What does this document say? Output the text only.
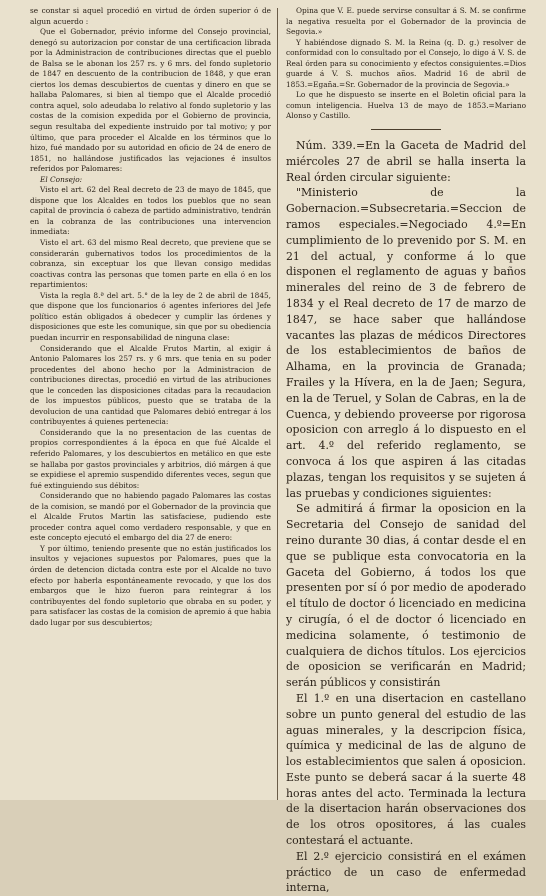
se constar si aquel procedió en virtud de órden superior ó de algun acuerdo :

Que el Gobernador, prévio informe del Consejo provincial, denegó su autorizacion por constar de una certificacion librada por la Administracion de contribuciones directas que el pueblo de Balsa se le abonan los 257 rs. y 6 mrs. del fondo supletorio de 1847 en descuento de la contribucion de 1848, y que eran ciertos los demas descubiertos de cuentas y dinero en que se hallaba Palomares, si bien al tiempo que el Alcalde procedió contra aquel, solo adeudaba lo relativo al fondo supletorio y las costas de la comision expedida por el Gobierno de provincia, segun resultaba del expediente instruido por tal motivo; y por último, que para proceder el Alcalde en los términos que lo hizo, fué mandado por su autoridad en oficio de 24 de enero de 1851, no hallándose justificados las vejaciones é insultos referidos por Palomares:

El Consejo:

Visto el art. 62 del Real decreto de 23 de mayo de 1845, que dispone que los Alcaldes en todos los pueblos que no sean capital de provincia ó cabeza de partido administrativo, tendrán en la cobranza de las contribuciones una intervencion inmediata:

Visto el art. 63 del mismo Real decreto, que previene que se considerarán gubernativos todos los procedimientos de la cobranza, sin exceptuar los que llevan consigo medidas coactivas contra las personas que tomen parte en ella ó en los repartimientos:

Vista la regla 8.ª del art. 5.° de la ley de 2 de abril de 1845, que dispone que los funcionarios ó agentes inferiores del Jefe político están obligados á obedecer y cumplir las órdenes y disposiciones que este les comunique, sin que por su obediencia puedan incurrir en responsabilidad de ninguna clase:

Considerando que el Alcalde Frutos Martin, al exigir á Antonio Palomares los 257 rs. y 6 mrs. que tenia en su poder procedentes del abono hecho por la Administracion de contribuciones directas, procedió en virtud de las atribuciones que le conceden las disposiciones citadas para la recaudacion de los impuestos públicos, puesto que se trataba de la devolucion de una cantidad que Palomares debió entregar á los contribuyentes á quienes pertenecia:

Considerando que la no presentacion de las cuentas de propios correspondientes á la época en que fué Alcalde el referido Palomares, y los descubiertos en metálico en que este se hallaba por gastos provinciales y arbitrios, dió márgen á que se expidiese el apremio suspendido diferentes veces, segun que fué extinguiendo sus débitos:

Considerando que no habiendo pagado Palomares las costas de la comision, se mandó por el Gobernador de la provincia que el Alcalde Frutos Martin las satisfaciese, pudiendo este proceder contra aquel como verdadero responsable, y que en este concepto ejecutó el embargo del dia 27 de enero:

Y por último, teniendo presente que no están justificados los insultos y vejaciones supuestos por Palomares, pues que la órden de detencion dictada contra este por el Alcalde no tuvo efecto por haberla espontáneamente revocado, y que los dos embargos que le hizo fueron para reintegrar á los contribuyentes del fondo supletorio que obraba en su poder, y para satisfacer las costas de la comision de apremio á que habia dado lugar por sus descubiertos;

Opina que V. E. puede servirse consultar á S. M. se confirme la negativa resuelta por el Gobernador de la provincia de Segovia.»

Y habiéndose dignado S. M. la Reina (q. D. g.) resolver de conformidad con lo consultado por el Consejo, lo digo á V. S. de Real órden para su conocimiento y efectos consiguientes.=Dios guarde á V. S. muchos años. Madrid 16 de abril de 1853.=Egaña.=Sr. Gobernador de la provincia de Segovia.»

Lo que he dispuesto se inserte en el Boletin oficial para la comun inteligencia. Huelva 13 de mayo de 1853.=Mariano Alonso y Castillo.

Núm. 339.=En la Gaceta de Madrid del miércoles 27 de abril se halla inserta la Real órden circular siguiente:

"Ministerio de la Gobernacion.=Subsecretaria.=Seccion de ramos especiales.=Negociado 4.º=En cumplimiento de lo prevenido por S. M. en 21 del actual, y conforme á lo que disponen el reglamento de aguas y baños minerales del reino de 3 de febrero de 1834 y el Real decreto de 17 de marzo de 1847, se hace saber que hallándose vacantes las plazas de médicos Directores de los establecimientos de baños de Alhama, en la provincia de Granada; Frailes y la Hívera, en la de Jaen; Segura, en la de Teruel, y Solan de Cabras, en la de Cuenca, y debiendo proveerse por rigorosa oposicion con arreglo á lo dispuesto en el art. 4.º del referido reglamento, se convoca á los que aspiren á las citadas plazas, tengan los requisitos y se sujeten á las pruebas y condiciones siguientes:

Se admitirá á firmar la oposicion en la Secretaria del Consejo de sanidad del reino durante 30 dias, á contar desde el en que se publique esta convocatoria en la Gaceta del Gobierno, á todos los que presenten por sí ó por medio de apoderado el título de doctor ó licenciado en medicina y cirugía, ó el de doctor ó licenciado en medicina solamente, ó testimonio de cualquiera de dichos títulos. Los ejercicios de oposicion se verificarán en Madrid; serán públicos y consistirán

El 1.º en una disertacion en castellano sobre un punto general del estudio de las aguas minerales, y la descripcion física, química y medicinal de las de alguno de los establecimientos que salen á oposicion. Este punto se deberá sacar á la suerte 48 horas antes del acto. Terminada la lectura de la disertacion harán observaciones dos de los otros opositores, á las cuales contestará el actuante.

El 2.º ejercicio consistirá en el exámen práctico de un caso de enfermedad interna,
